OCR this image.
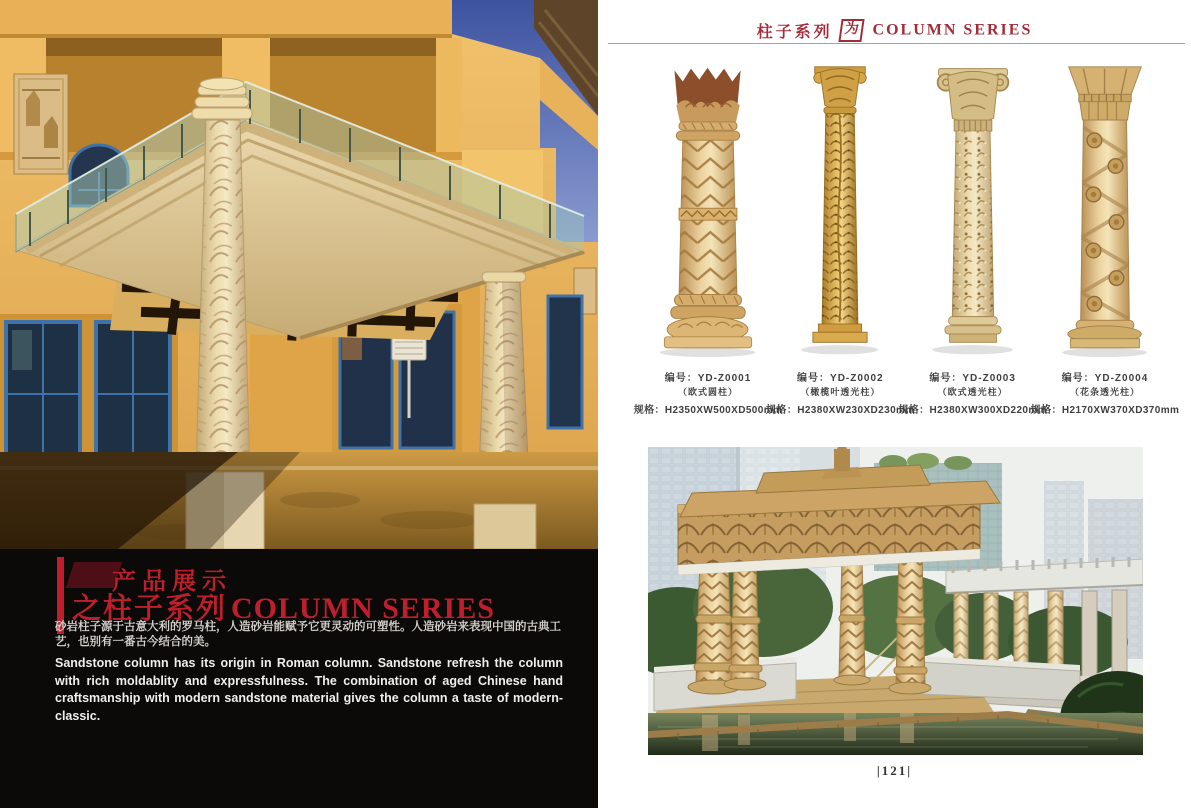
产品展示
之柱子系列 COLUMN SERIES

砂岩柱子源于古意大利的罗马柱，人造砂岩能赋予它更灵动的可塑性。人造砂岩来表现中国的古典工艺，也别有一番古今结合的美。

Sandstone column has its origin in Roman column. Sandstone refresh the column with rich moldablity and expressfulness. The combination of aged Chinese hand craftsmanship with modern sandstone material gives the column a taste of modern-classic.

柱子系列 为 COLUMN SERIES
编号：YD-Z0001
（欧式圆柱）
规格：H2350XW500XD500mm
编号：YD-Z0002
（橄榄叶透光柱）
规格：H2380XW230XD230mm
编号：YD-Z0003
（欧式透光柱）
规格：H2380XW300XD220mm
编号：YD-Z0004
（花条透光柱）
规格：H2170XW370XD370mm
|121|
